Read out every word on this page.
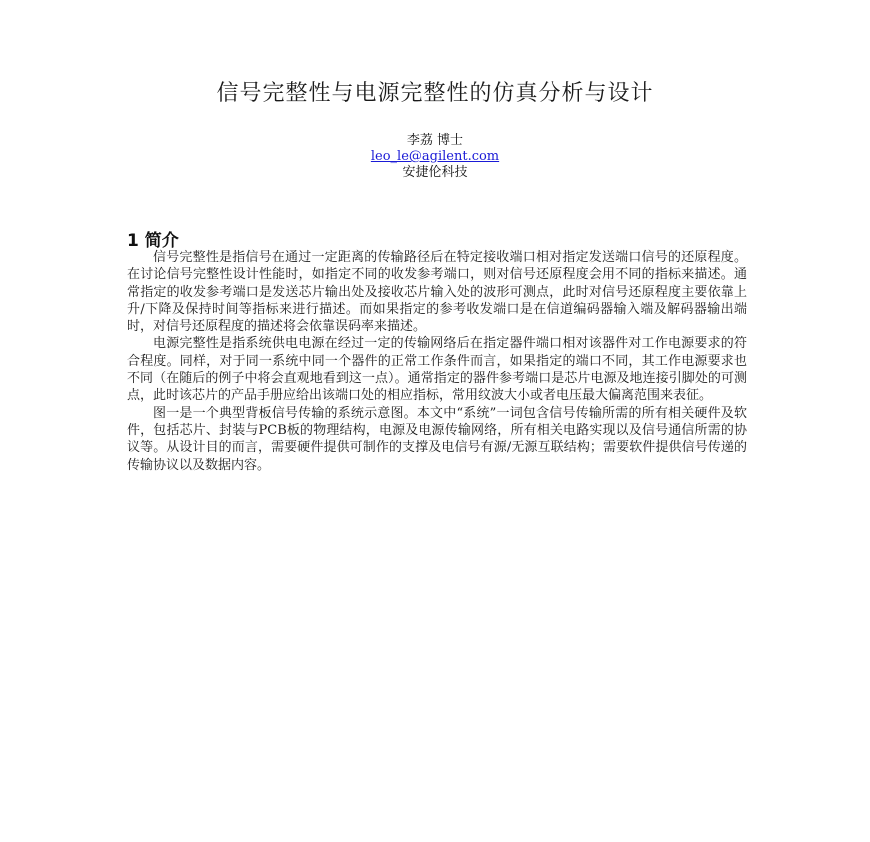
信号完整性与电源完整性的仿真分析与设计
李荔 博士
leo_le@agilent.com
安捷伦科技
1 简介

信号完整性是指信号在通过一定距离的传输路径后在特定接收端口相对指定发送端口信号的还原程度。在讨论信号完整性设计性能时，如指定不同的收发参考端口，则对信号还原程度会用不同的指标来描述。通常指定的收发参考端口是发送芯片输出处及接收芯片输入处的波形可测点，此时对信号还原程度主要依靠上升/下降及保持时间等指标来进行描述。而如果指定的参考收发端口是在信道编码器输入端及解码器输出端时，对信号还原程度的描述将会依靠误码率来描述。

电源完整性是指系统供电电源在经过一定的传输网络后在指定器件端口相对该器件对工作电源要求的符合程度。同样，对于同一系统中同一个器件的正常工作条件而言，如果指定的端口不同，其工作电源要求也不同（在随后的例子中将会直观地看到这一点）。通常指定的器件参考端口是芯片电源及地连接引脚处的可测点，此时该芯片的产品手册应给出该端口处的相应指标，常用纹波大小或者电压最大偏离范围来表征。

图一是一个典型背板信号传输的系统示意图。本文中“系统”一词包含信号传输所需的所有相关硬件及软件，包括芯片、封装与PCB板的物理结构，电源及电源传输网络，所有相关电路实现以及信号通信所需的协议等。从设计目的而言，需要硬件提供可制作的支撑及电信号有源/无源互联结构；需要软件提供信号传递的传输协议以及数据内容。
